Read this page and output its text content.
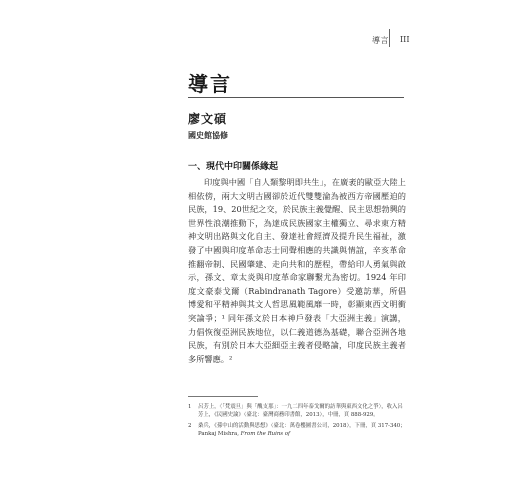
導言 III
導言
廖文碩
國史館協修
一、現代中印關係緣起

印度與中國「自人類黎明即共生」，在廣袤的歐亞大陸上相依傍，兩大文明古國卻於近代雙雙淪為被西方帝國壓迫的民族，19、20世紀之交，於民族主義覺醒、民主思想勃興的世界性浪潮推動下，為達成民族國家主權獨立、尋求東方精神文明出路與文化自主、發達社會經濟及提升民生福祉，激發了中國與印度革命志士同聲相應的共識與情誼，辛亥革命推翻帝制、民國肇建、走向共和的歷程，帶給印人勇氣與啟示，孫文、章太炎與印度革命家聯繫尤為密切。1924 年印度文豪泰戈爾（Rabindranath Tagore）受邀訪華，所倡博愛和平精神與其文人哲思風範風靡一時，彰顯東西文明衝突論爭；¹ 同年孫文於日本神戶發表「大亞洲主義」演講，力倡恢復亞洲民族地位，以仁義道德為基礎，聯合亞洲各地民族，有別於日本大亞細亞主義者侵略論，印度民族主義者多所響應。²

1	呂芳上，〈「梵震旦」與「醜支那」：一九二四年泰戈爾的訪華與東西文化之爭〉，收入呂芳上，《民國史論》（臺北：臺灣商務印書館，2013），中冊，頁 888-929。
2	桑兵，《孫中山的活動與思想》（臺北：萬卷樓圖書公司，2018），下冊，頁 317-340；Pankaj Mishra, From the Ruins of
